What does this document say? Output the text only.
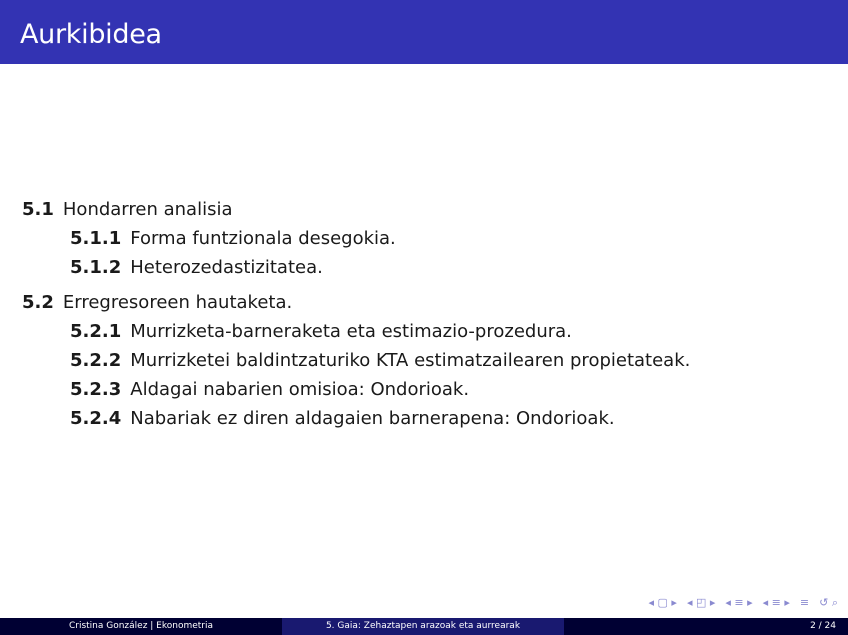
Aurkibidea
5.1 Hondarren analisia
5.1.1 Forma funtzionala desegokia.
5.1.2 Heterozedastizitatea.
5.2 Erregresoreen hautaketa.
5.2.1 Murrizketa-barneraketa eta estimazio-prozedura.
5.2.2 Murrizketei baldintzaturiko KTA estimatzailearen propietateak.
5.2.3 Aldagai nabarien omisioa: Ondorioak.
5.2.4 Nabariak ez diren aldagaien barnerapena: Ondorioak.
◂ ▢ ▸ ◂ ◰ ▸ ◂ ≡ ▸ ◂ ≡ ▸ ≡ ↺ ⌕
Cristina González | Ekonometria	5. Gaia: Zehaztapen arazoak eta aurrearak	2 / 24
